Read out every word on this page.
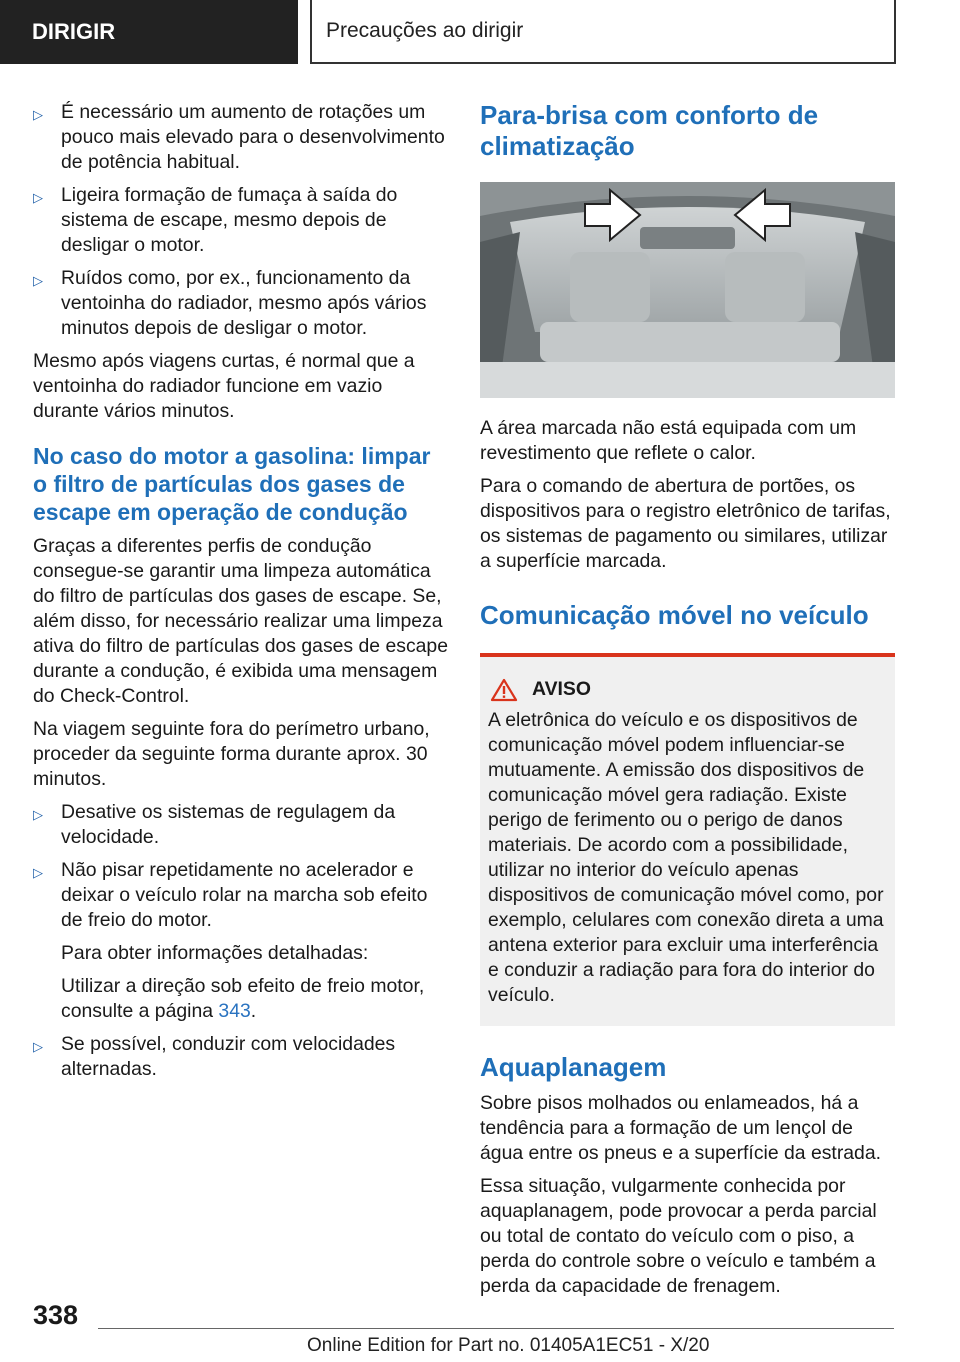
DIRIGIR	Precauções ao dirigir
▷ É necessário um aumento de rotações um pouco mais elevado para o desenvolvimento de potência habitual.
▷ Ligeira formação de fumaça à saída do sistema de escape, mesmo depois de desligar o motor.
▷ Ruídos como, por ex., funcionamento da ventoinha do radiador, mesmo após vários minutos depois de desligar o motor.

Mesmo após viagens curtas, é normal que a ventoinha do radiador funcione em vazio durante vários minutos.

No caso do motor a gasolina: limpar o filtro de partículas dos gases de escape em operação de condução

Graças a diferentes perfis de condução consegue-se garantir uma limpeza automática do filtro de partículas dos gases de escape. Se, além disso, for necessário realizar uma limpeza ativa do filtro de partículas dos gases de escape durante a condução, é exibida uma mensagem do Check-Control.

Na viagem seguinte fora do perímetro urbano, proceder da seguinte forma durante aprox. 30 minutos.

▷ Desative os sistemas de regulagem da velocidade.
▷ Não pisar repetidamente no acelerador e deixar o veículo rolar na marcha sob efeito de freio do motor.
Para obter informações detalhadas:
Utilizar a direção sob efeito de freio motor, consulte a página 343.
▷ Se possível, conduzir com velocidades alternadas.
Para-brisa com conforto de climatização

A área marcada não está equipada com um revestimento que reflete o calor.

Para o comando de abertura de portões, os dispositivos para o registro eletrônico de tarifas, os sistemas de pagamento ou similares, utilizar a superfície marcada.

Comunicação móvel no veículo
AVISO
A eletrônica do veículo e os dispositivos de comunicação móvel podem influenciar-se mutuamente. A emissão dos dispositivos de comunicação móvel gera radiação. Existe perigo de ferimento ou o perigo de danos materiais. De acordo com a possibilidade, utilizar no interior do veículo apenas dispositivos de comunicação móvel como, por exemplo, celulares com conexão direta a uma antena exterior para excluir uma interferência e conduzir a radiação para fora do interior do veículo.
Aquaplanagem

Sobre pisos molhados ou enlameados, há a tendência para a formação de um lençol de água entre os pneus e a superfície da estrada.

Essa situação, vulgarmente conhecida por aquaplanagem, pode provocar a perda parcial ou total de contato do veículo com o piso, a perda do controle sobre o veículo e também a perda da capacidade de frenagem.

338
Online Edition for Part no. 01405A1EC51 - X/20
